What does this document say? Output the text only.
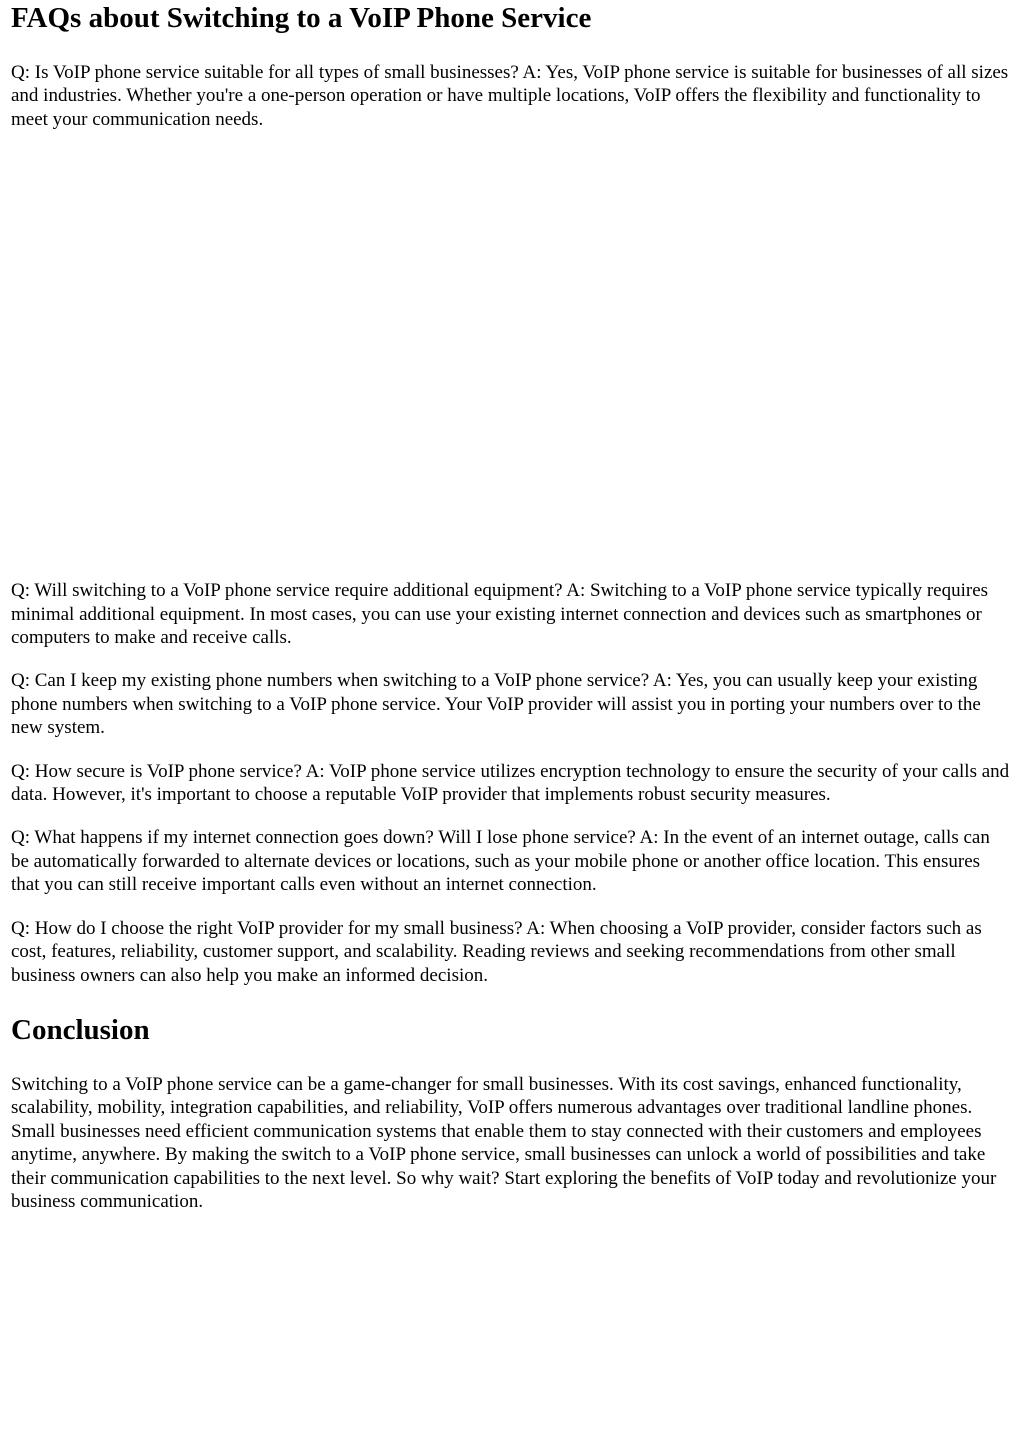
FAQs about Switching to a VoIP Phone Service

Q: Is VoIP phone service suitable for all types of small businesses? A: Yes, VoIP phone service is suitable for businesses of all sizes and industries. Whether you're a one-person operation or have multiple locations, VoIP offers the flexibility and functionality to meet your communication needs.

Q: Will switching to a VoIP phone service require additional equipment? A: Switching to a VoIP phone service typically requires minimal additional equipment. In most cases, you can use your existing internet connection and devices such as smartphones or computers to make and receive calls.

Q: Can I keep my existing phone numbers when switching to a VoIP phone service? A: Yes, you can usually keep your existing phone numbers when switching to a VoIP phone service. Your VoIP provider will assist you in porting your numbers over to the new system.

Q: How secure is VoIP phone service? A: VoIP phone service utilizes encryption technology to ensure the security of your calls and data. However, it's important to choose a reputable VoIP provider that implements robust security measures.

Q: What happens if my internet connection goes down? Will I lose phone service? A: In the event of an internet outage, calls can be automatically forwarded to alternate devices or locations, such as your mobile phone or another office location. This ensures that you can still receive important calls even without an internet connection.

Q: How do I choose the right VoIP provider for my small business? A: When choosing a VoIP provider, consider factors such as cost, features, reliability, customer support, and scalability. Reading reviews and seeking recommendations from other small business owners can also help you make an informed decision.

Conclusion

Switching to a VoIP phone service can be a game-changer for small businesses. With its cost savings, enhanced functionality, scalability, mobility, integration capabilities, and reliability, VoIP offers numerous advantages over traditional landline phones. Small businesses need efficient communication systems that enable them to stay connected with their customers and employees anytime, anywhere. By making the switch to a VoIP phone service, small businesses can unlock a world of possibilities and take their communication capabilities to the next level. So why wait? Start exploring the benefits of VoIP today and revolutionize your business communication.
